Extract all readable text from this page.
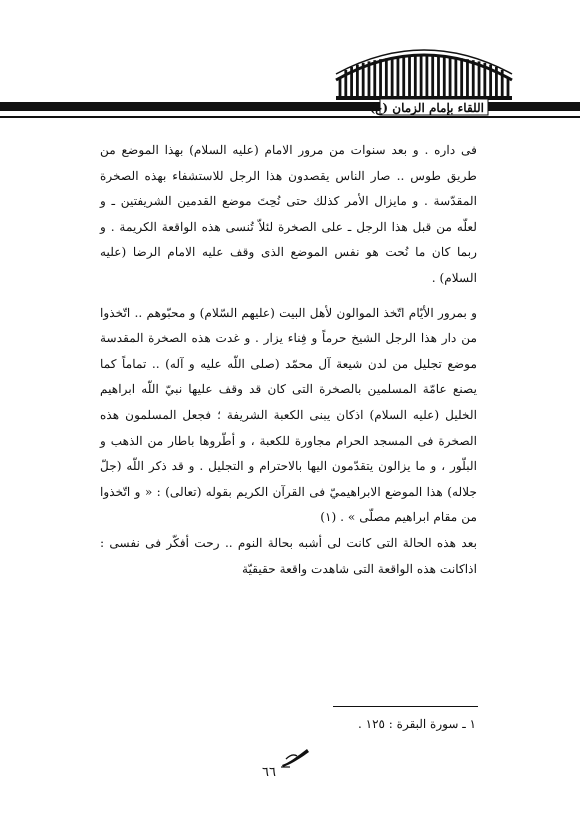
اللقاء بإمام الزمان (ع)

فى داره . و بعد سنوات من مرور الامام (عليه السلام) بهذا الموضع من طريق طوس .. صار الناس يقصدون هذا الرجل للاستشفاء بهذه الصخرة المقدّسة . و مايزال الأمر كذلك حتى نُحِتَ موضع القدمين الشريفتين ـ و لعلّه من قبل هذا الرجل ـ على الصخرة لئلاّ تُنسى هذه الواقعة الكريمة . و ربما كان ما نُحت هو نفس الموضع الذى وقف عليه الامام الرضا (عليه السلام) .

و بمرور الأيّام اتّخذ الموالون لأهل البيت (عليهم السّلام) و محبّوهم .. اتّخذوا من دار هذا الرجل الشيخ حرماً و فِناء يزار . و غدت هذه الصخرة المقدسة موضع تجليل من لدن شيعة آل محمّد (صلى اللّه عليه و آله) .. تماماً كما يصنع عامّة المسلمين بالصخرة التى كان قد وقف عليها نبيّ اللّه ابراهيم الخليل (عليه السلام) اذكان يبنى الكعبة الشريفة ؛ فجعل المسلمون هذه الصخرة فى المسجد الحرام مجاورة للكعبة ، و أطّروها باطار من الذهب و البلّور ، و ما يزالون يتقدّمون اليها بالاحترام و التجليل . و قد ذكر اللّه (جلّ جلاله) هذا الموضع الابراهيميّ فى القرآن الكريم بقوله (تعالى) : « و اتّخذوا من مقام ابراهيم مصلّى » . (١)

بعد هذه الحالة التى كانت لى أشبه بحالة النوم .. رحت أفكّر فى نفسى : اذاكانت هذه الواقعة التى شاهدت واقعة حقيقيّة

١ ـ سورة البقرة : ١٢٥ .
٦٦
